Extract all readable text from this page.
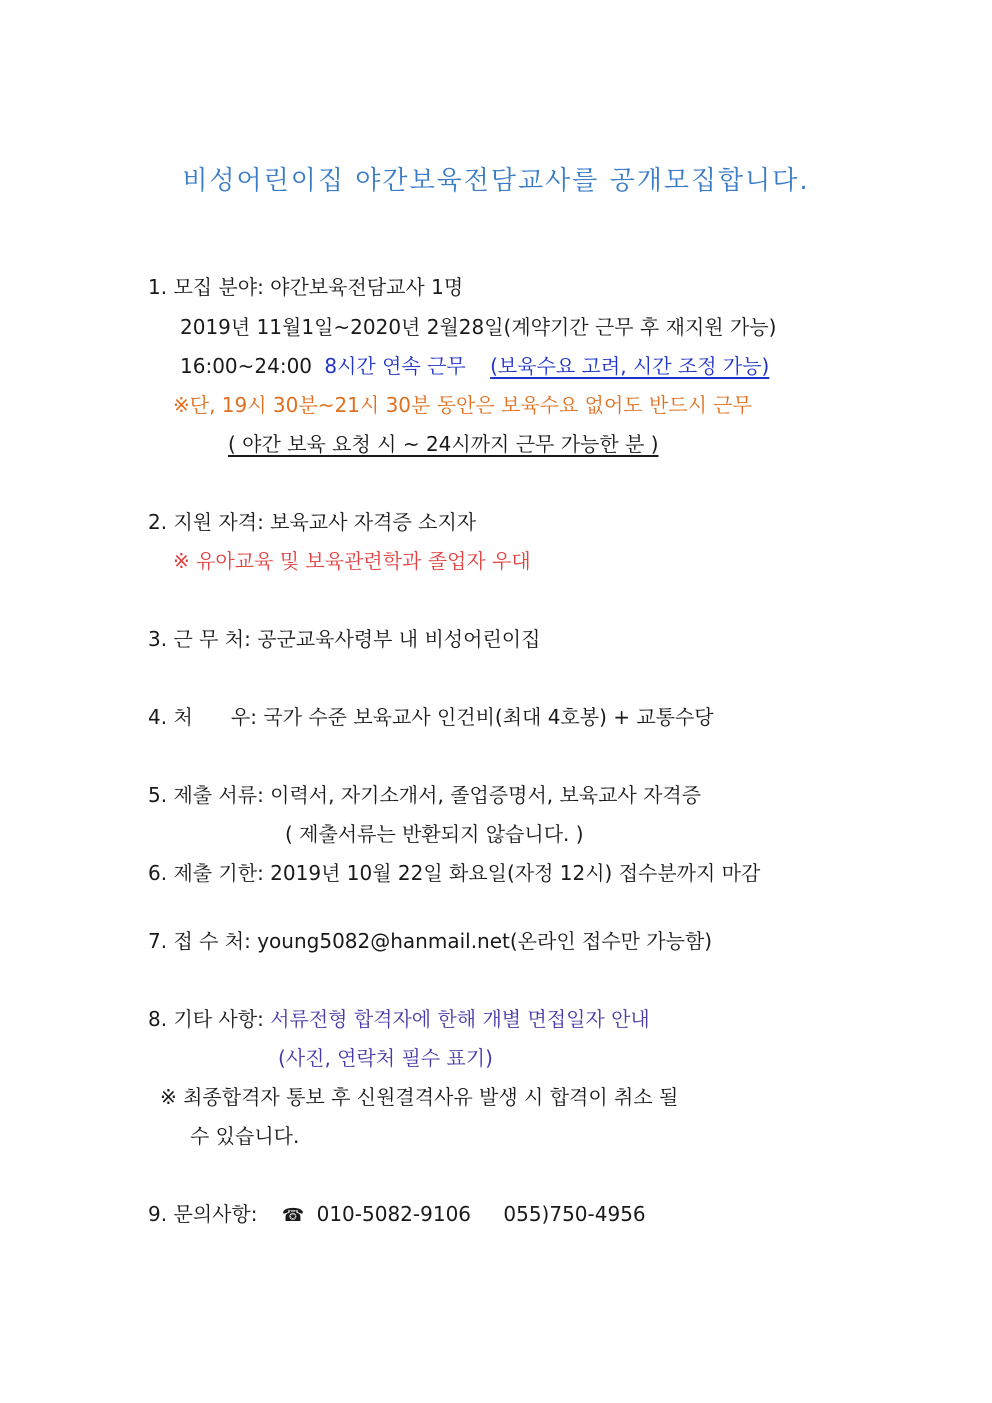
비성어린이집 야간보육전담교사를 공개모집합니다.
1. 모집 분야: 야간보육전담교사 1명
2019년 11월1일~2020년 2월28일(계약기간 근무 후 재지원 가능)
16:00~24:00 8시간 연속 근무 (보육수요 고려, 시간 조정 가능)
※단, 19시 30분~21시 30분 동안은 보육수요 없어도 반드시 근무
( 야간 보육 요청 시 ~ 24시까지 근무 가능한 분 )
2. 지원 자격: 보육교사 자격증 소지자
※ 유아교육 및 보육관련학과 졸업자 우대
3. 근 무 처: 공군교육사령부 내 비성어린이집
4. 처      우: 국가 수준 보육교사 인건비(최대 4호봉) + 교통수당
5. 제출 서류: 이력서, 자기소개서, 졸업증명서, 보육교사 자격증
( 제출서류는 반환되지 않습니다. )
6. 제출 기한: 2019년 10월 22일 화요일(자정 12시) 접수분까지 마감
7. 접 수 처: young5082@hanmail.net(온라인 접수만 가능함)
8. 기타 사항: 서류전형 합격자에 한해 개별 면접일자 안내
(사진, 연락처 필수 표기)
※ 최종합격자 통보 후 신원결격사유 발생 시 합격이 취소 될
수 있습니다.
9. 문의사항: ☎ 010-5082-9106 055)750-4956
